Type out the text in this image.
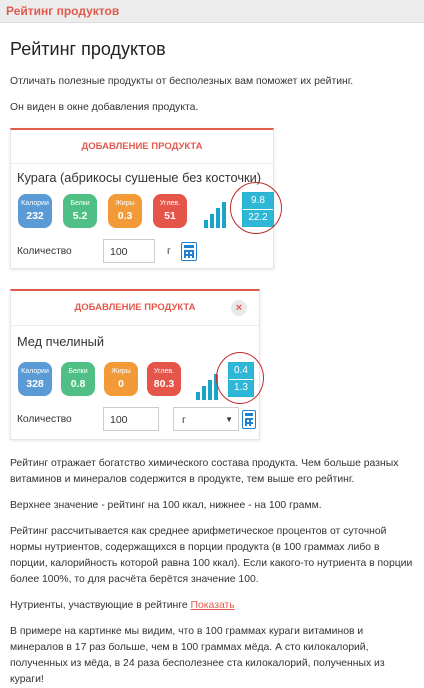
Рейтинг продуктов
Рейтинг продуктов

Отличать полезные продукты от бесполезных вам поможет их рейтинг.

Он виден в окне добавления продукта.

ДОБАВЛЕНИЕ ПРОДУКТА
Курага (абрикосы сушеные без косточки)
Калории
232
Белки
5.2
Жиры
0.3
Углев.
51
9.8
22.2
Количество	100	г
ДОБАВЛЕНИЕ ПРОДУКТА	×
Мед пчелиный
Калории
328
Белки
0.8
Жиры
0
Углев.
80.3
0.4
1.3
Количество	100	г	▼

Рейтинг отражает богатство химического состава продукта. Чем больше разных витаминов и минералов содержится в продукте, тем выше его рейтинг.

Верхнее значение - рейтинг на 100 ккал, нижнее - на 100 грамм.

Рейтинг рассчитывается как среднее арифметическое процентов от суточной нормы нутриентов, содержащихся в порции продукта (в 100 граммах либо в порции, калорийность которой равна 100 ккал). Если какого-то нутриента в порции более 100%, то для расчёта берётся значение 100.

Нутриенты, участвующие в рейтинге Показать

В примере на картинке мы видим, что в 100 граммах кураги витаминов и минералов в 17 раз больше, чем в 100 граммах мёда. А сто килокалорий, полученных из мёда, в 24 раза бесполезнее ста килокалорий, полученных из кураги!
